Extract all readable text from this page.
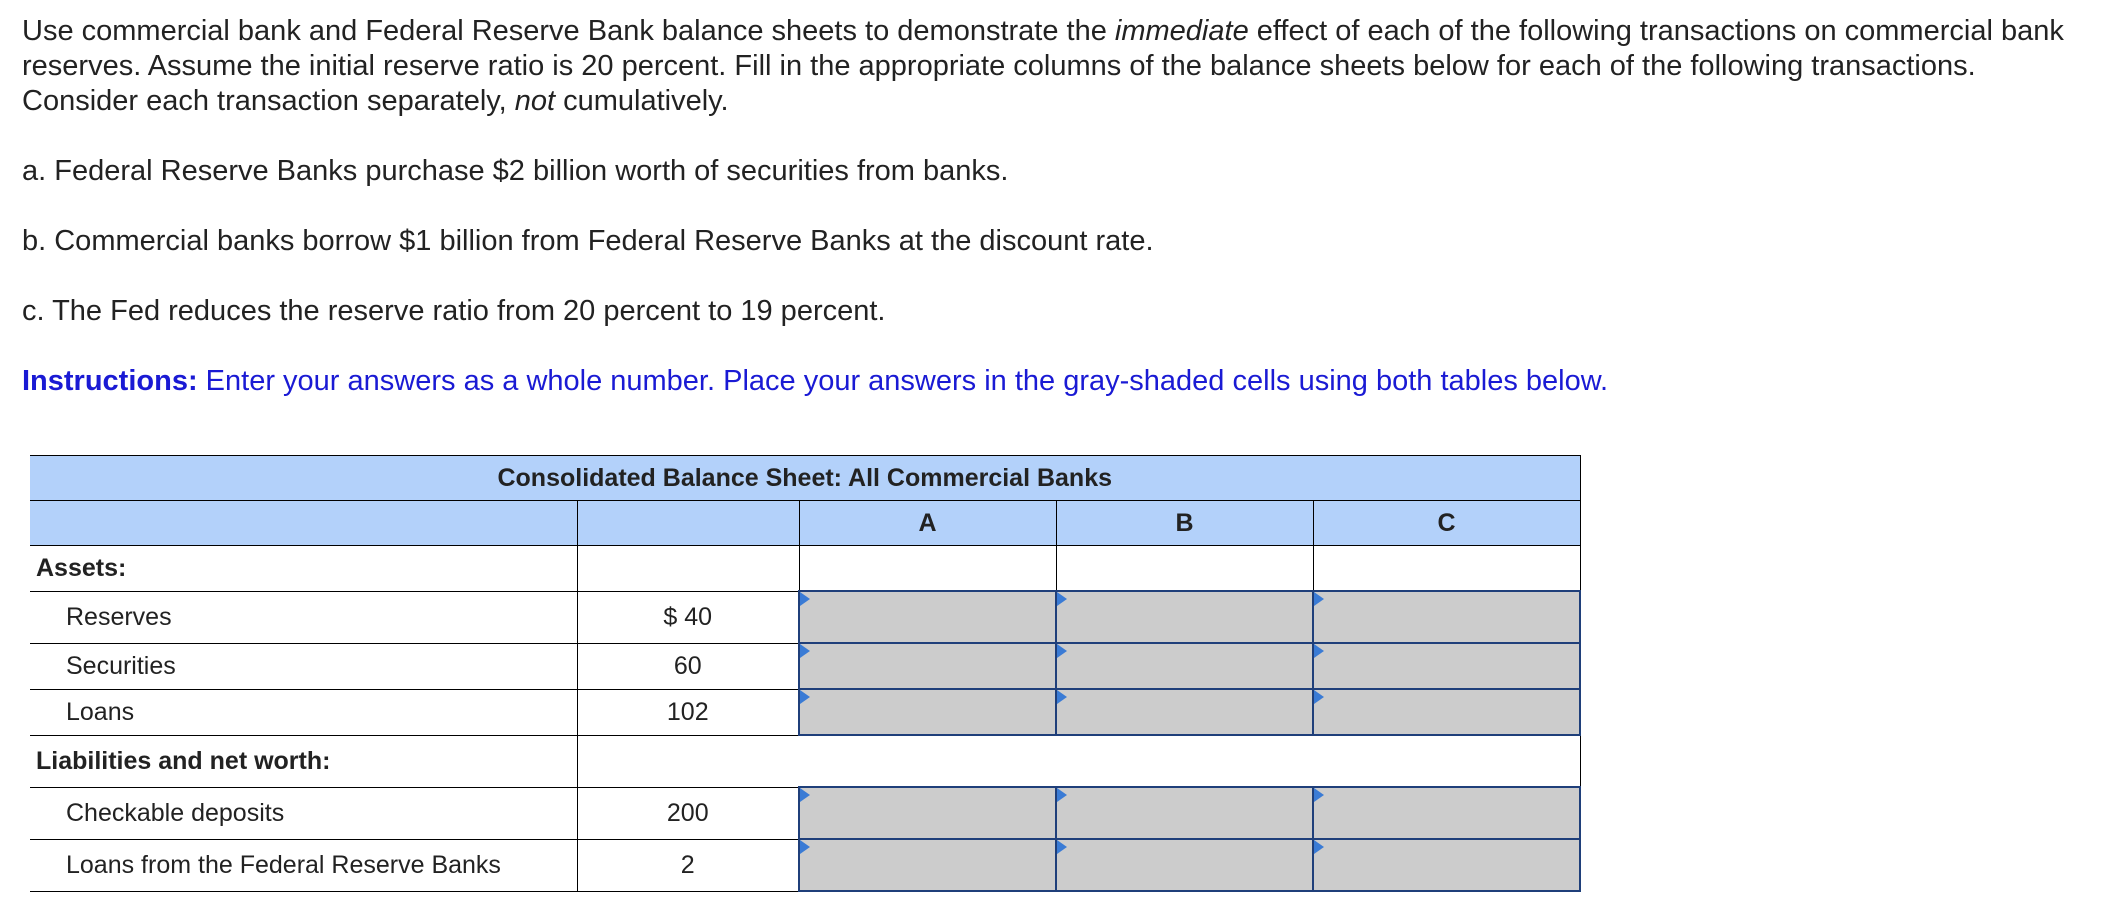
Use commercial bank and Federal Reserve Bank balance sheets to demonstrate the immediate effect of each of the following transactions on commercial bank reserves. Assume the initial reserve ratio is 20 percent. Fill in the appropriate columns of the balance sheets below for each of the following transactions. Consider each transaction separately, not cumulatively.

a. Federal Reserve Banks purchase $2 billion worth of securities from banks.

b. Commercial banks borrow $1 billion from Federal Reserve Banks at the discount rate.

c. The Fed reduces the reserve ratio from 20 percent to 19 percent.

Instructions: Enter your answers as a whole number. Place your answers in the gray-shaded cells using both tables below.

Consolidated Balance Sheet: All Commercial Banks				
		A	B	C
Assets:				
Reserves	$ 40	

Securities	60	

Loans	102	

Liabilities and net worth:				
Checkable deposits	200	

Loans from the Federal Reserve Banks	2	
